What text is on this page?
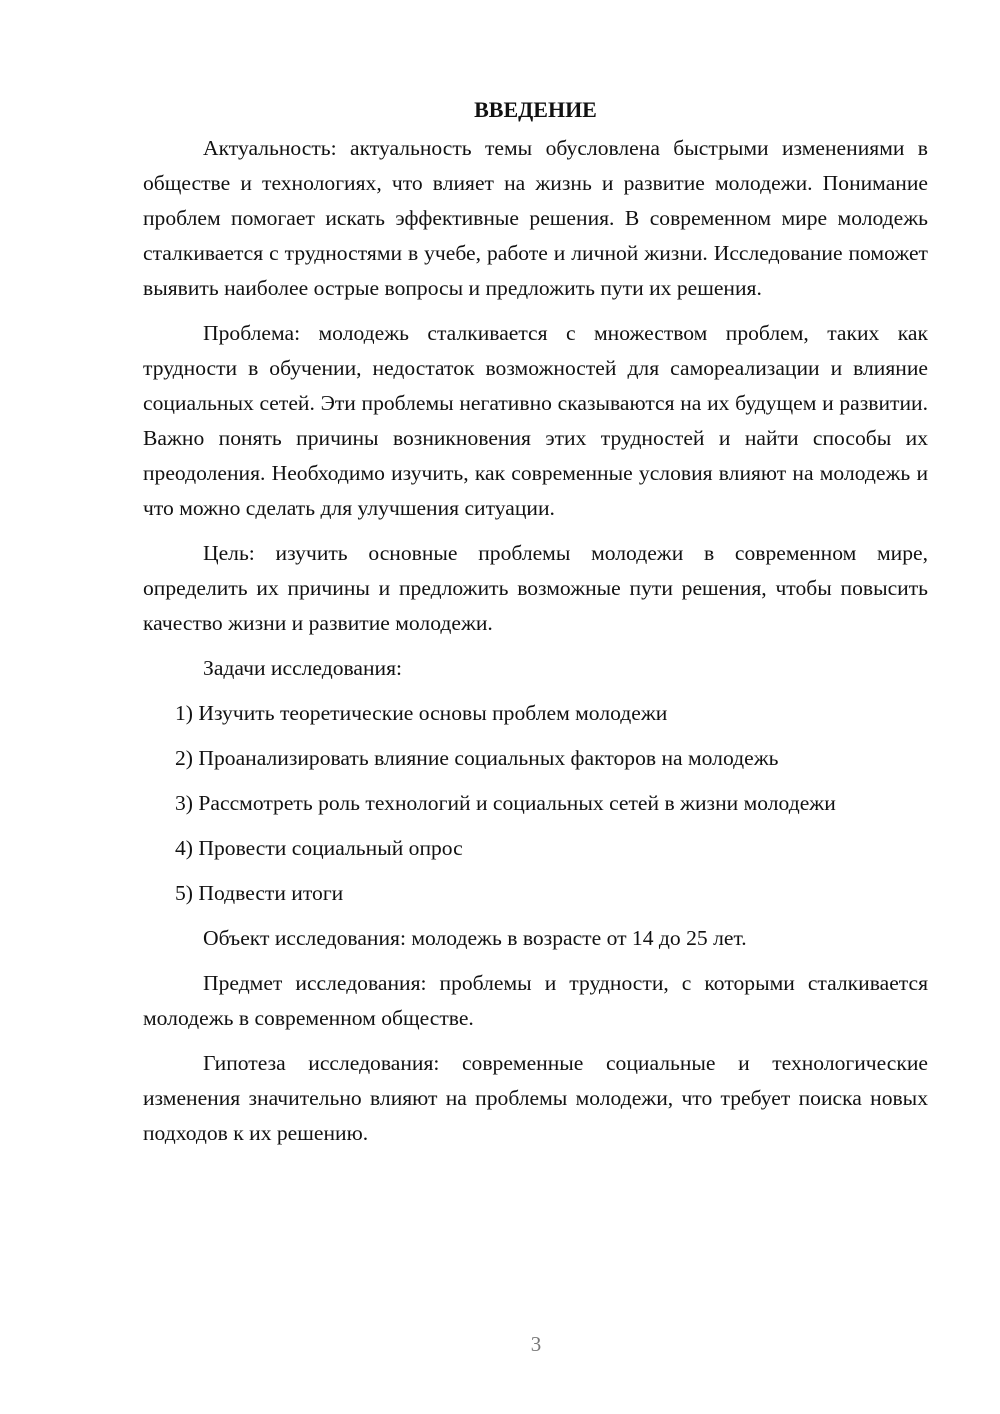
ВВЕДЕНИЕ

Актуальность: актуальность темы обусловлена быстрыми изменениями в обществе и технологиях, что влияет на жизнь и развитие молодежи. Понимание проблем помогает искать эффективные решения. В современном мире молодежь сталкивается с трудностями в учебе, работе и личной жизни. Исследование поможет выявить наиболее острые вопросы и предложить пути их решения.

Проблема: молодежь сталкивается с множеством проблем, таких как трудности в обучении, недостаток возможностей для самореализации и влияние социальных сетей. Эти проблемы негативно сказываются на их будущем и развитии. Важно понять причины возникновения этих трудностей и найти способы их преодоления. Необходимо изучить, как современные условия влияют на молодежь и что можно сделать для улучшения ситуации.

Цель: изучить основные проблемы молодежи в современном мире, определить их причины и предложить возможные пути решения, чтобы повысить качество жизни и развитие молодежи.

Задачи исследования:

1) Изучить теоретические основы проблем молодежи

2) Проанализировать влияние социальных факторов на молодежь

3) Рассмотреть роль технологий и социальных сетей в жизни молодежи

4) Провести социальный опрос

5) Подвести итоги

Объект исследования: молодежь в возрасте от 14 до 25 лет.

Предмет исследования: проблемы и трудности, с которыми сталкивается молодежь в современном обществе.

Гипотеза исследования: современные социальные и технологические изменения значительно влияют на проблемы молодежи, что требует поиска новых подходов к их решению.

3
